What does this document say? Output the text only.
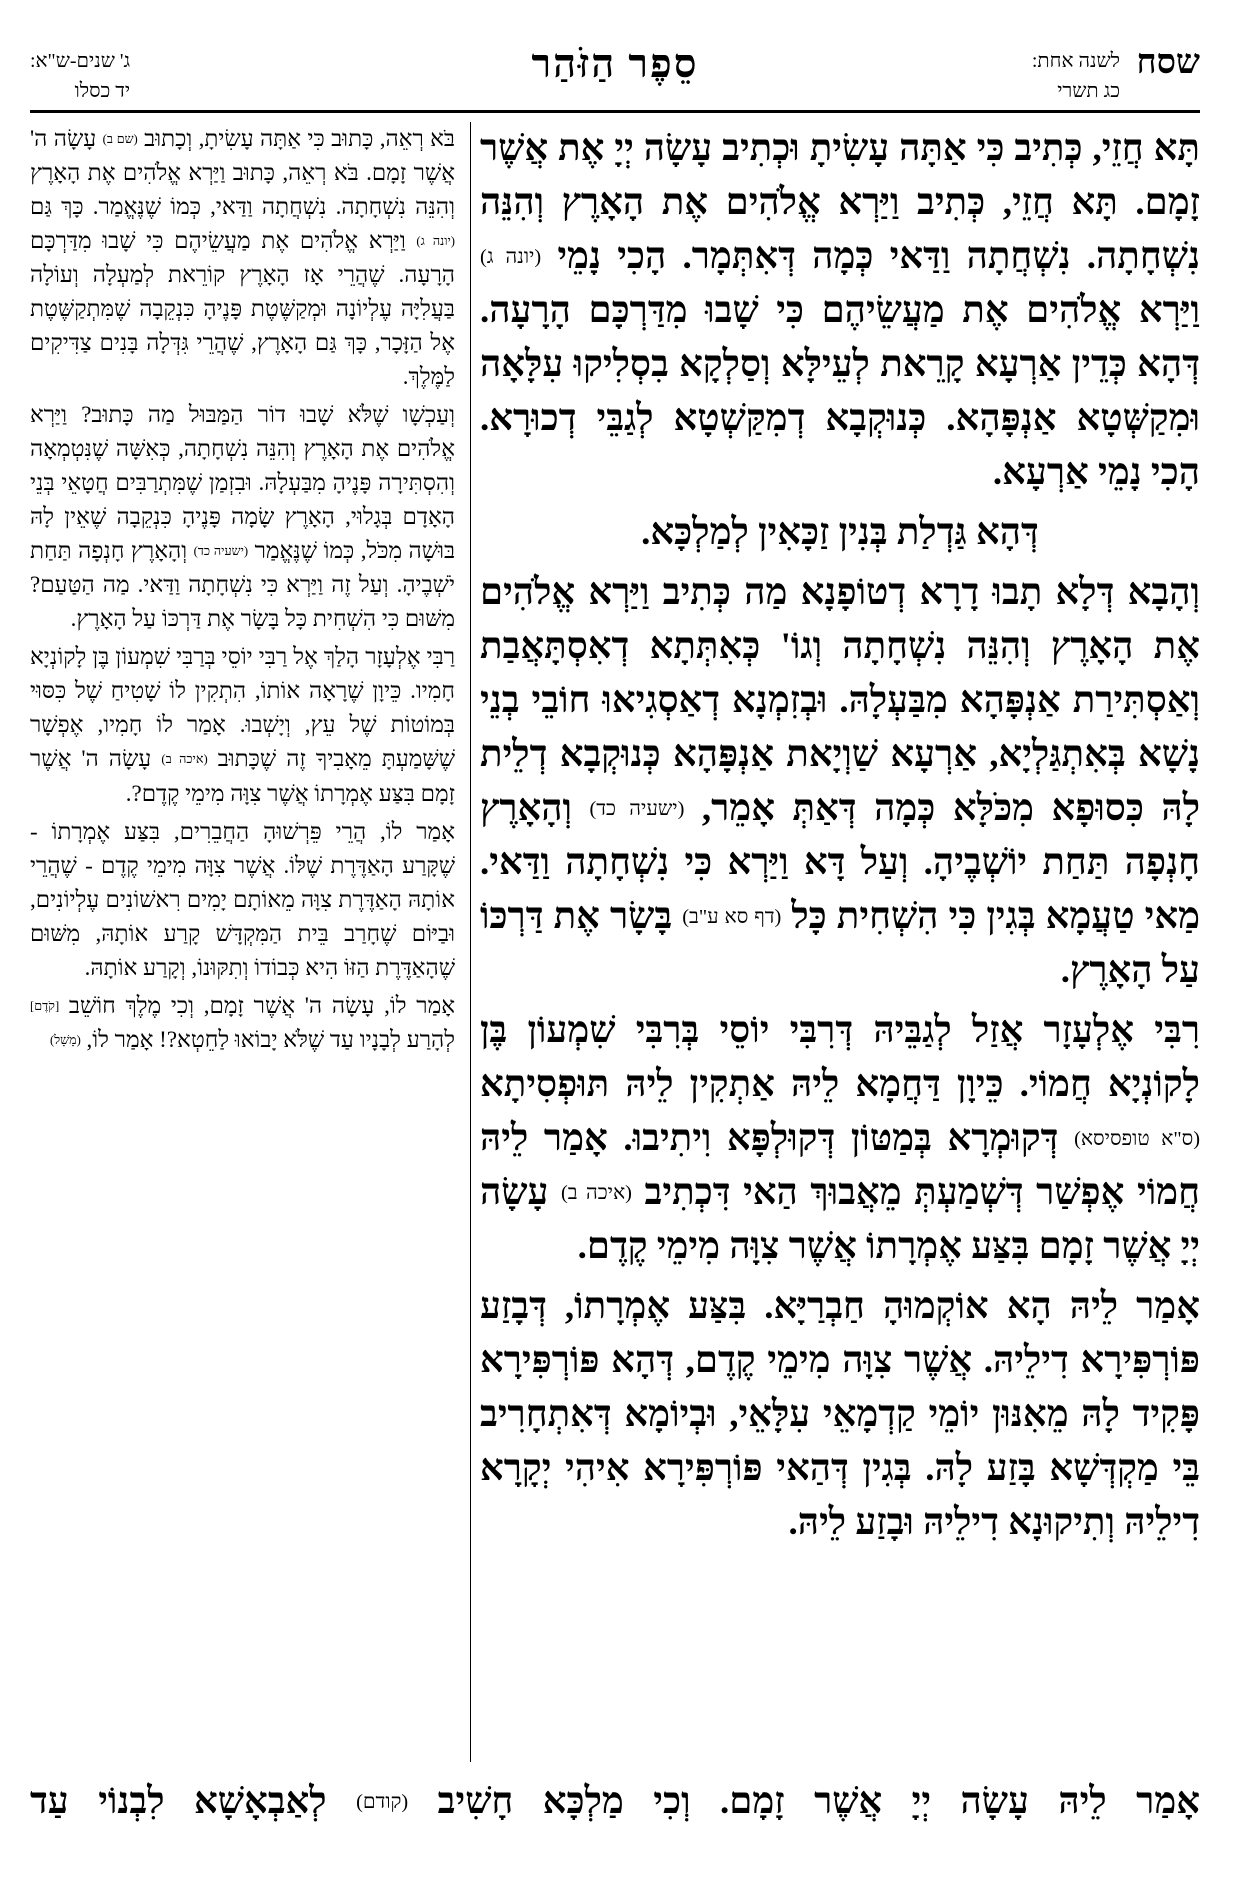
שסח
לשנה אחת:
כג תשרי
סֵפֶר הַזֹּהַר
ג' שנים-ש"א:
יד כסלו

תָּא חֲזֵי, כְּתִיב כִּי אַתָּה עָשִׂיתָ וּכְתִיב עָשָׂה יְיָ אֶת אֲשֶׁר זָמָם. תָּא חֲזֵי, כְּתִיב וַיַּרְא אֱלֹהִים אֶת הָאָרֶץ וְהִנֵּה נִשְׁחָתָה. נִשְׁחֲתָה וַדַּאי כְּמָה דְּאִתְּמָר. הָכִי נָמֵי (יונה ג) וַיַּרְא אֱלֹהִים אֶת מַעֲשֵׂיהֶם כִּי שָׁבוּ מִדַּרְכָּם הָרָעָה. דְּהָא כְּדֵין אַרְעָא קָרֵאת לְעֵילָּא וְסַלְקָא בִסְלִיקוּ עִלָּאָה וּמִקַשְּׁטָא אַנְפָּהָא. כְּנוּקְבָא דְמִקַּשְׁטָא לְגַבֵּי דְכוּרָא. הָכִי נָמֵי אַרְעָא.

דְּהָא גַּדְלַת בְּנִין זַכָּאִין לְמַלְכָּא.

וְהָבָא דְּלָא תָבוּ דָרָא דְטוֹפָנָא מַה כְּתִיב וַיַּרְא אֱלֹהִים אֶת הָאָרֶץ וְהִנֵּה נִשְׁחָתָה וְגוֹ' כְּאִתְּתָא דְאִסְתָּאֲבַת וְאַסְתִּירַת אַנְפָּהָא מִבַּעְלָהּ. וּבְזִמְנָא דְאַסְגִיאוּ חוֹבֵי בְנֵי נָשָׁא בְּאִתְגַּלְיָא, אַרְעָא שַׁוְיָאת אַנְפָּהָא כְּנוּקְבָא דְלֵית לָהּ כִּסוּפָא מִכֹּלָּא כְּמָה דְּאַתְּ אָמֵר, (ישעיה כד) וְהָאָרֶץ חָנְפָה תַּחַת יוֹשְׁבֶיהָ. וְעַל דָּא וַיַּרְא כִּי נִשְׁחָתָה וַדַּאי. מַאי טַעֲמָא בְּגִין כִּי הִשְׁחִית כָּל (דף סא ע"ב) בָּשָׂר אֶת דַּרְכּוֹ עַל הָאָרֶץ.

רִבִּי אֶלְעָזָר אֲזַל לְגַבֵּיהּ דְּרִבִּי יוֹסֵי בְּרִבִּי שִׁמְעוֹן בֶּן לָקוֹנְיָא חֲמוֹי. כֵּיוָן דַּחֲמָא לֵיהּ אַתְקִין לֵיהּ תּוּפְסִיתָא (ס"א טופסיסא) דְּקוּמְרָא בְּמַטּוֹן דְּקוּלְפָּא וִיתִיבוּ. אָמַר לֵיהּ חֲמוֹי אֶפְשַׁר דְּשְׁמַעְתְּ מֵאֲבוּךְ הַאי דִּכְתִיב (איכה ב) עָשָׂה יְיָ אֲשֶׁר זָמָם בִּצַּע אֶמְרָתוֹ אֲשֶׁר צִוָּה מִימֵי קֶדֶם.

אָמַר לֵיהּ הָא אוֹקְמוּהָ חַבְרַיָּא. בִּצַּע אֶמְרָתוֹ, דְּבָזַע פּוֹרְפִּירָא דִילֵיהּ. אֲשֶׁר צִוָּה מִימֵי קֶדֶם, דְּהָא פּוֹרְפִּירָא פָּקִיד לָהּ מֵאִנּוּן יוֹמֵי קַדְמָאֵי עִלָּאֵי, וּבְיוֹמָא דְּאִתְחָרִיב בֵּי מַקְדְּשָׁא בָּזַע לָהּ. בְּגִין דְּהַאי פּוֹרְפִּירָא אִיהִי יְקָרָא דִילֵיהּ וְתִיקוּנָא דִילֵיהּ וּבָזַע לֵיהּ.

בֹּא רְאֵה, כָּתוּב כִּי אַתָּה עָשִׂיתָ, וְכָתוּב (שם ב) עָשָׂה ה' אֲשֶׁר זָמָם. בֹּא רְאֵה, כָּתוּב וַיַּרְא אֱלֹהִים אֶת הָאָרֶץ וְהִנֵּה נִשְׁחָתָה. נִשְׁחֲתָה וַדַּאי, כְּמוֹ שֶׁנֶּאֱמַר. כָּךְ גַּם (יונה ג) וַיַּרְא אֱלֹהִים אֶת מַעֲשֵׂיהֶם כִּי שָׁבוּ מִדַּרְכָּם הָרָעָה. שֶׁהֲרֵי אָז הָאָרֶץ קוֹרֵאת לְמַעְלָה וְעוֹלָה בַּעֲלִיָּה עֶלְיוֹנָה וּמְקַשֶּׁטֶת פָּנֶיהָ כִּנְקֵבָה שֶׁמִּתְקַשֶּׁטֶת אֶל הַזָּכָר, כָּךְ גַּם הָאָרֶץ, שֶׁהֲרֵי גִּדְּלָה בָּנִים צַדִּיקִים לַמֶּלֶךְ.

וְעַכְשָׁו שֶׁלֹּא שָׁבוּ דוֹר הַמַּבּוּל מַה כָּתוּב? וַיַּרְא אֱלֹהִים אֶת הָאָרֶץ וְהִנֵּה נִשְׁחָתָה, כְּאִשָּׁה שֶׁנִּטְמְאָה וְהִסְתִּירָה פָּנֶיהָ מִבַּעְלָהּ. וּבִזְמַן שֶׁמִּתְרַבִּים חֲטָאֵי בְּנֵי הָאָדָם בְּגָלוּי, הָאָרֶץ שָׂמָה פָּנֶיהָ כִּנְקֵבָה שֶׁאֵין לָהּ בּוּשָׁה מִכֹּל, כְּמוֹ שֶׁנֶּאֱמַר (ישעיה כד) וְהָאָרֶץ חָנְפָה תַּחַת יֹשְׁבֶיהָ. וְעַל זֶה וַיַּרְא כִּי נִשְׁחָתָה וַדַּאי. מַה הַטַּעַם? מִשּׁוּם כִּי הִשְׁחִית כָּל בָּשָׂר אֶת דַּרְכּוֹ עַל הָאָרֶץ.

רַבִּי אֶלְעָזָר הָלַךְ אֶל רַבִּי יוֹסֵי בְּרַבִּי שִׁמְעוֹן בֶּן לָקוֹנְיָא חָמִיו. כֵּיוָן שֶׁרָאָה אוֹתוֹ, הִתְקִין לוֹ שָׁטִיחַ שֶׁל כִּסּוּי בְּמוֹטוֹת שֶׁל עֵץ, וְיָשְׁבוּ. אָמַר לוֹ חָמִיו, אֶפְשָׁר שֶׁשָּׁמַעְתָּ מֵאָבִיךָ זֶה שֶׁכָּתוּב (איכה ב) עָשָׂה ה' אֲשֶׁר זָמָם בִּצַּע אֶמְרָתוֹ אֲשֶׁר צִוָּה מִימֵי קֶדֶם?.

אָמַר לוֹ, הֲרֵי פֵּרְשׁוּהָ הַחֲבֵרִים, בִּצַּע אֶמְרָתוֹ - שֶׁקָּרַע הָאַדֶּרֶת שֶׁלּוֹ. אֲשֶׁר צִוָּה מִימֵי קֶדֶם - שֶׁהֲרֵי אוֹתָהּ הָאַדֶּרֶת צִוָּה מֵאוֹתָם יָמִים רִאשׁוֹנִים עֶלְיוֹנִים, וּבַיּוֹם שֶׁחָרַב בֵּית הַמִּקְדָּשׁ קָרַע אוֹתָהּ, מִשּׁוּם שֶׁהָאַדֶּרֶת הַזּוֹ הִיא כְּבוֹדוֹ וְתִקּוּנוֹ, וְקָרַע אוֹתָהּ.

אָמַר לוֹ, עָשָׂה ה' אֲשֶׁר זָמָם, וְכִי מֶלֶךְ חוֹשֵׁב [קֹדֶם] לְהָרַע לְבָנָיו עַד שֶׁלֹּא יָבוֹאוּ לַחֵטְא?! אָמַר לוֹ, (מָשָׁל)

אָמַר לֵיהּ עָשָׂה יְיָ אֲשֶׁר זָמָם. וְכִי מַלְכָּא חָשִׁיב (קודם) לְאַבְאָשָׁא לִבְנוֹי עַד
